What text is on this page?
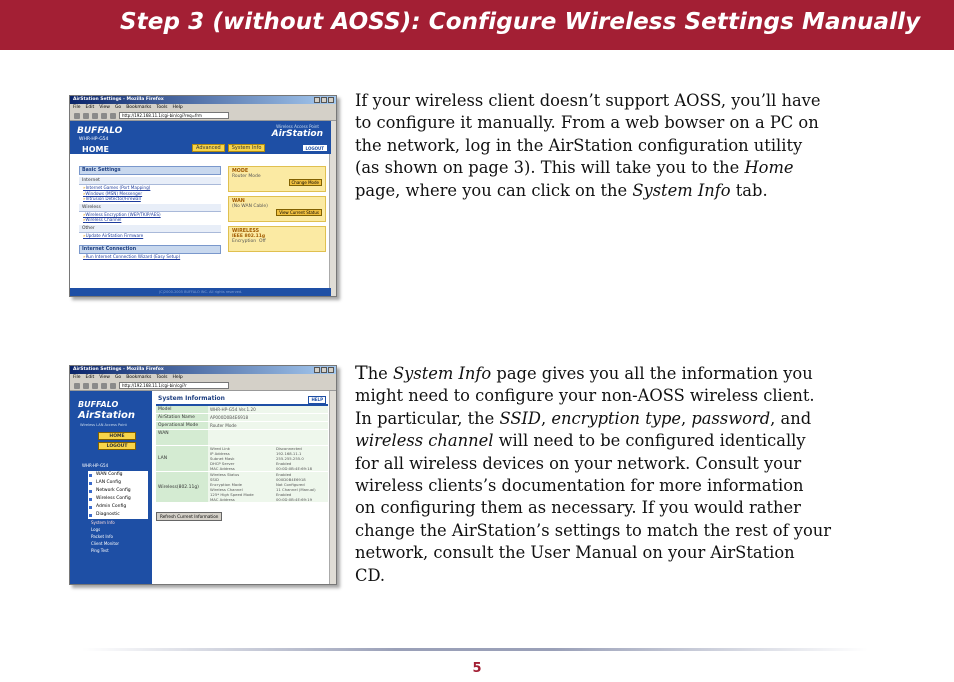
Step 3 (without AOSS): Configure Wireless Settings Manually
AirStation Settings - Mozilla Firefox
File Edit View Go Bookmarks Tools Help
http://192.168.11.1/cgi-bin/cgi?req=frm
BUFFALO
WHR-HP-G54
HOME
Wireless Access Point
AirStation
Advanced	System Info	LOGOUT
Basic Settings
Internet
» Internet Games (Port Mapping)
» Windows (MSN) Messenger
» Intrusion Detector/Firewall
Wireless
» Wireless Encryption (WEP/TKIP/AES)
» Wireless Channel
Other
» Update AirStation Firmware
Internet Connection
» Run Internet Connection Wizard (Easy Setup)
MODE
Router Mode
Change Mode
WAN
(No WAN Cable)
View Current Status
WIRELESS
IEEE 802.11g
Encryption Off
(C)2000-2005 BUFFALO INC. All rights reserved.

If your wireless client doesn’t support AOSS, you’ll have

to configure it manually. From a web bowser on a PC on

the network, log in the AirStation configuration utility

(as shown on page 3). This will take you to the Home

page, where you can click on the System Info tab.

AirStation Settings - Mozilla Firefox
File Edit View Go Bookmarks Tools Help
http://192.168.11.1/cgi-bin/cgi?r
BUFFALO
AirStation
Wireless LAN Access Point
HOME
LOGOUT
WHR-HP-G54
WAN Config
LAN Config
Network Config
Wireless Config
Admin Config
Diagnostic
System Info
Logs
Packet Info
Client Monitor
Ping Test
System Information	HELP
Model	WHR-HP-G54 Ver.1.20
AirStation Name	AP000D0B4E6918
Operational Mode	Router Mode
WAN
LAN
Wired Link	Disconnected
IP Address	192.168.11.1
Subnet Mask	255.255.255.0
DHCP Server	Enabled
MAC Address	00:0D:0B:4E:69:18
Wireless(802.11g)
Wireless Status	Enabled
SSID	000D0B4E6918
Encryption Mode	Not Configured
Wireless Channel	11 Channel (Manual)
125* High Speed Mode	Enabled
MAC Address	00:0D:0B:4E:69:19
Refresh Current Information

The System Info page gives you all the information you

might need to configure your non-AOSS wireless client.

In particular, the SSID, encryption type, password, and

wireless channel will need to be configured identically

for all wireless devices on your network. Consult your

wireless clients’s documentation for more information

on configuring them as necessary. If you would rather

change the AirStation’s settings to match the rest of your

network, consult the User Manual on your AirStation

CD.

5
